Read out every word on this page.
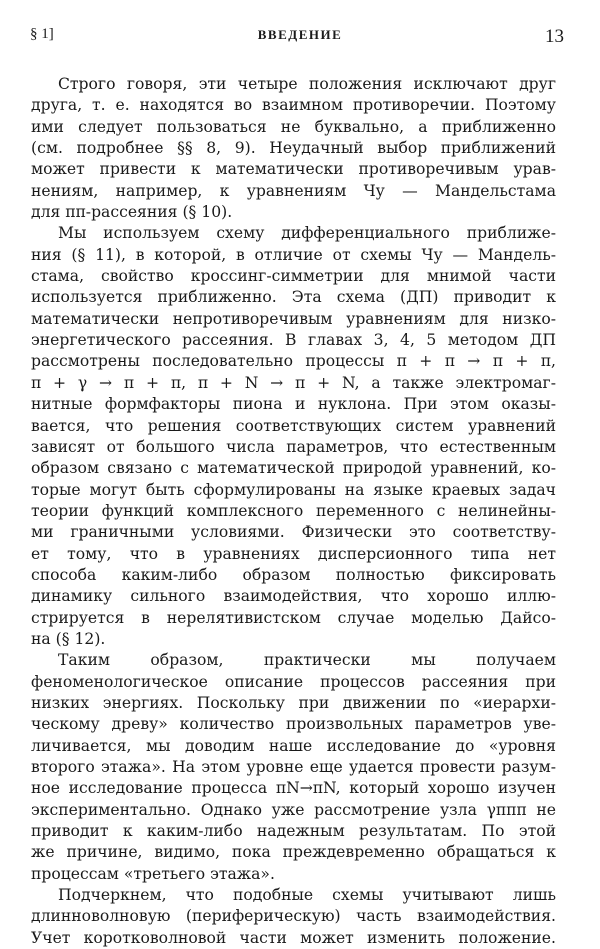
§ 1]	ВВЕДЕНИЕ	13
Строго говоря, эти четыре положения исключают друг
друга, т. е. находятся во взаимном противоречии. Поэтому
ими следует пользоваться не буквально, а приближенно
(см. подробнее §§ 8, 9). Неудачный выбор приближений
может привести к математически противоречивым урав-
нениям, например, к уравнениям Чу — Мандельстама
для ππ-рассеяния (§ 10).
Мы используем схему дифференциального приближе-
ния (§ 11), в которой, в отличие от схемы Чу — Мандель-
стама, свойство кроссинг-симметрии для мнимой части
используется приближенно. Эта схема (ДП) приводит к
математически непротиворечивым уравнениям для низко-
энергетического рассеяния. В главах 3, 4, 5 методом ДП
рассмотрены последовательно процессы π + π → π + π,
π + γ → π + π, π + N → π + N, а также электромаг-
нитные формфакторы пиона и нуклона. При этом оказы-
вается, что решения соответствующих систем уравнений
зависят от большого числа параметров, что естественным
образом связано с математической природой уравнений, ко-
торые могут быть сформулированы на языке краевых задач
теории функций комплексного переменного с нелинейны-
ми граничными условиями. Физически это соответству-
ет тому, что в уравнениях дисперсионного типа нет
способа каким-либо образом полностью фиксировать
динамику сильного взаимодействия, что хорошо иллю-
стрируется в нерелятивистском случае моделью Дайсо-
на (§ 12).
Таким образом, практически мы получаем
феноменологическое описание процессов рассеяния при
низких энергиях. Поскольку при движении по «иерархи-
ческому древу» количество произвольных параметров уве-
личивается, мы доводим наше исследование до «уровня
второго этажа». На этом уровне еще удается провести разум-
ное исследование процесса πN→πN, который хорошо изучен
экспериментально. Однако уже рассмотрение узла γπππ не
приводит к каким-либо надежным результатам. По этой
же причине, видимо, пока преждевременно обращаться к
процессам «третьего этажа».
Подчеркнем, что подобные схемы учитывают лишь
длинноволновую (периферическую) часть взаимодействия.
Учет коротковолновой части может изменить положение.
